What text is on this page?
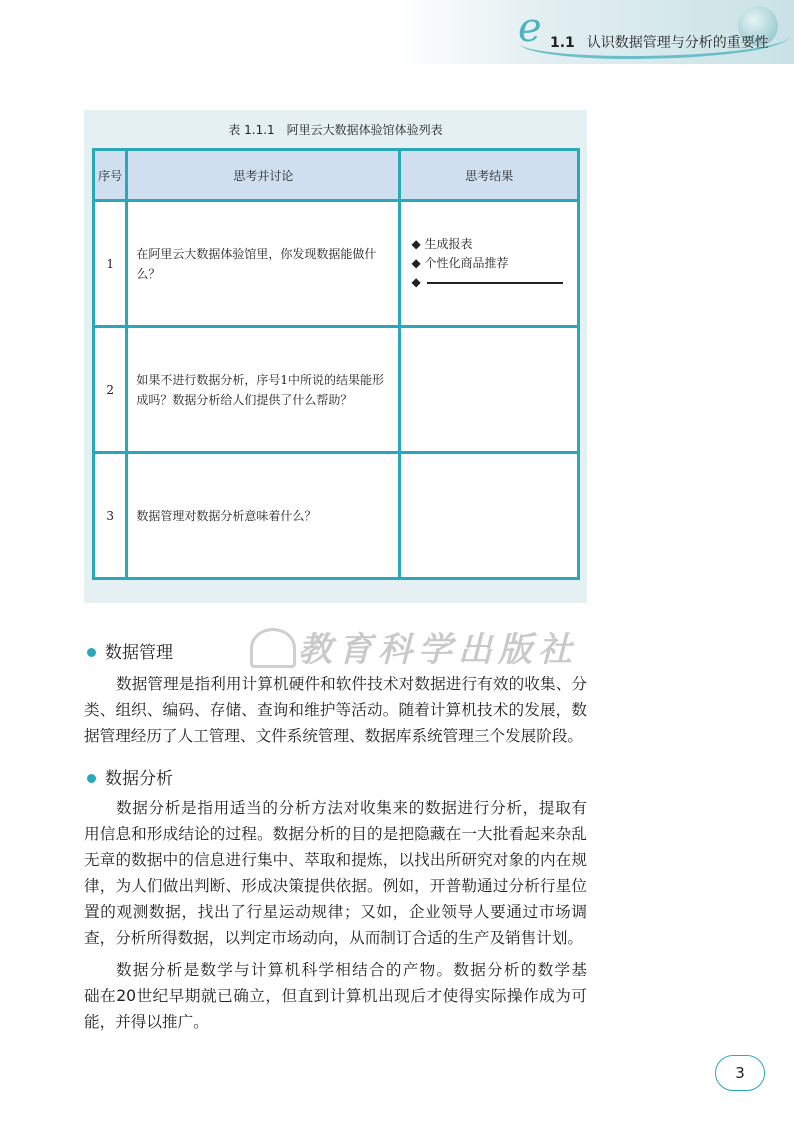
e 1.1 认识数据管理与分析的重要性
表 1.1.1　阿里云大数据体验馆体验列表
序号	思考并讨论	思考结果
1	在阿里云大数据体验馆里，你发现数据能做什么？	◆ 生成报表
◆ 个性化商品推荐
◆

2	如果不进行数据分析，序号1中所说的结果能形成吗？数据分析给人们提供了什么帮助？	
3	数据管理对数据分析意味着什么？	
教育科学出版社
数据管理
数据管理是指利用计算机硬件和软件技术对数据进行有效的收集、分
类、组织、编码、存储、查询和维护等活动。随着计算机技术的发展，数
据管理经历了人工管理、文件系统管理、数据库系统管理三个发展阶段。
数据分析
数据分析是指用适当的分析方法对收集来的数据进行分析，提取有
用信息和形成结论的过程。数据分析的目的是把隐藏在一大批看起来杂乱
无章的数据中的信息进行集中、萃取和提炼，以找出所研究对象的内在规
律，为人们做出判断、形成决策提供依据。例如，开普勒通过分析行星位
置的观测数据，找出了行星运动规律；又如，企业领导人要通过市场调
查，分析所得数据，以判定市场动向，从而制订合适的生产及销售计划。
数据分析是数学与计算机科学相结合的产物。数据分析的数学基
础在20世纪早期就已确立，但直到计算机出现后才使得实际操作成为可
能，并得以推广。
3
